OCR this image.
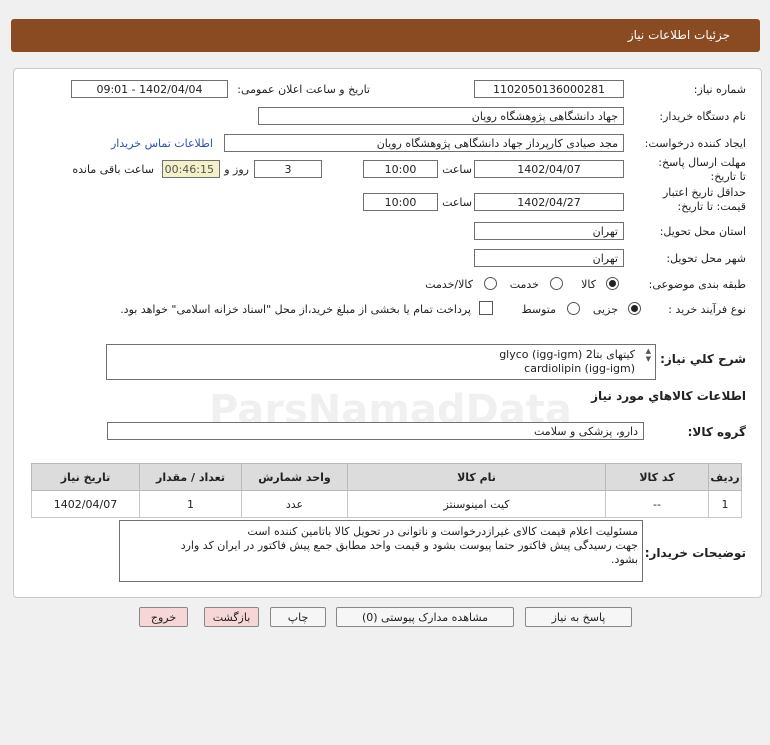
جزئیات اطلاعات نیاز
ParsNamadData
شماره نیاز:
1102050136000281
تاریخ و ساعت اعلان عمومی:
1402/04/04 - 09:01
نام دستگاه خریدار:
جهاد دانشگاهی پژوهشگاه رویان
ایجاد کننده درخواست:
مجد صیادی کارپرداز جهاد دانشگاهی پژوهشگاه رویان
اطلاعات تماس خریدار
مهلت ارسال پاسخ: تا تاریخ:
1402/04/07
ساعت
10:00
3
روز و
00:46:15
ساعت باقی مانده
حداقل تاریخ اعتبار قیمت: تا تاریخ:
1402/04/27
ساعت
10:00
استان محل تحویل:
تهران
شهر محل تحویل:
تهران
طبقه بندی موضوعی:
کالا
خدمت
کالا/خدمت
نوع فرآیند خرید :
جزیی
متوسط
پرداخت تمام یا بخشی از مبلغ خرید،از محل "اسناد خزانه اسلامی" خواهد بود.
شرح کلي نياز:
کیتهای بتا2 glyco (igg-igm)
cardiolipin (igg-igm)
▲
▼
اطلاعات کالاهاي مورد نياز
گروه کالا:
دارو، پزشکی و سلامت
ردیف	کد کالا	نام کالا	واحد شمارش	تعداد / مقدار	تاریخ نیاز
1	--	کیت امینوسنتز	عدد	1	1402/04/07
توضیحات خریدار:
مسئولیت اعلام قیمت کالای غیرازدرخواست و ناتوانی در تحویل کالا باتامین کننده است
جهت رسیدگی پیش فاکتور حتما پیوست بشود و قیمت واحد مطابق جمع پیش فاکتور در ایران کد وارد
بشود.
پاسخ به نیاز
مشاهده مدارک پیوستی (0)
چاپ
بازگشت
خروج
